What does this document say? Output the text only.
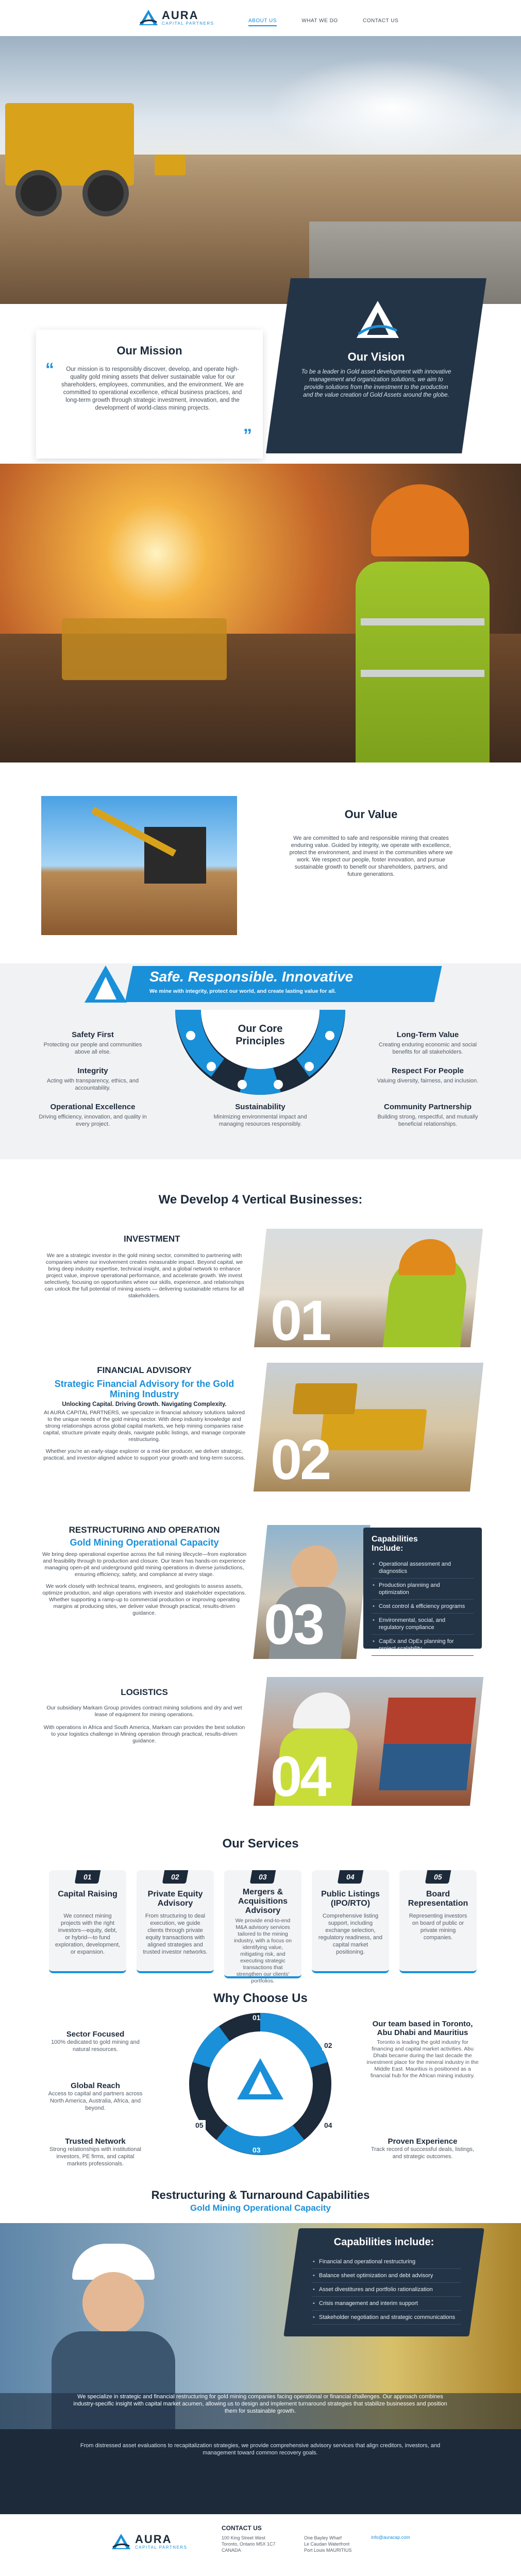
AURA
CAPITAL PARTNERS	ABOUT US	WHAT WE DO	CONTACT US
Our Mission
“	Our mission is to responsibly discover, develop, and operate high-quality gold mining assets that deliver sustainable value for our shareholders, employees, communities, and the environment. We are committed to operational excellence, ethical business practices, and long-term growth through strategic investment, innovation, and the development of world-class mining projects.
”
Our Vision
To be a leader in Gold asset development with innovative management and organization solutions, we aim to provide solutions from the investment to the production and the value creation of Gold Assets around the globe.
Our Value
We are committed to safe and responsible mining that creates enduring value. Guided by integrity, we operate with excellence, protect the environment, and invest in the communities where we work. We respect our people, foster innovation, and pursue sustainable growth to benefit our shareholders, partners, and future generations.
Safe. Responsible. Innovative
We mine with integrity, protect our world, and create lasting value for all.
Our Core Principles
Safety First
Protecting our people and communities above all else.
Integrity
Acting with transparency, ethics, and accountability.
Operational Excellence
Driving efficiency, innovation, and quality in every project.
Long-Term Value
Creating enduring economic and social benefits for all stakeholders.
Respect For People
Valuing diversity, fairness, and inclusion.
Community Partnership
Building strong, respectful, and mutually beneficial relationships.
Sustainability
Minimizing environmental impact and managing resources responsibly.
We Develop 4 Vertical Businesses:
INVESTMENT
We are a strategic investor in the gold mining sector, committed to partnering with companies where our involvement creates measurable impact. Beyond capital, we bring deep industry expertise, technical insight, and a global network to enhance project value, improve operational performance, and accelerate growth. We invest selectively, focusing on opportunities where our skills, experience, and relationships can unlock the full potential of mining assets — delivering sustainable returns for all stakeholders.	01
FINANCIAL ADVISORY
Strategic Financial Advisory for the Gold Mining Industry
Unlocking Capital. Driving Growth. Navigating Complexity.
At AURA CAPITAL PARTNERS, we specialize in financial advisory solutions tailored to the unique needs of the gold mining sector. With deep industry knowledge and strong relationships across global capital markets, we help mining companies raise capital, structure private equity deals, navigate public listings, and manage corporate restructuring.
Whether you're an early-stage explorer or a mid-tier producer, we deliver strategic, practical, and investor-aligned advice to support your growth and long-term success. 02
RESTRUCTURING AND OPERATION
Gold Mining Operational Capacity
We bring deep operational expertise across the full mining lifecycle—from exploration and feasibility through to production and closure. Our team has hands-on experience managing open-pit and underground gold mining operations in diverse jurisdictions, ensuring efficiency, safety, and compliance at every stage.
We work closely with technical teams, engineers, and geologists to assess assets, optimize production, and align operations with investor and stakeholder expectations. Whether supporting a ramp-up to commercial production or improving operating margins at producing sites, we deliver value through practical, results-driven guidance.	03
Capabilities Include:
• Operational assessment and diagnostics
• Production planning and optimization
• Cost control & efficiency programs
• Environmental, social, and regulatory compliance
• CapEx and OpEx planning for project scalability
LOGISTICS
Our subsidiary Markam Group provides contract mining solutions and dry and wet lease of equipment for mining operations.
With operations in Africa and South America, Markam can provides the best solution to your logistics challenge in Mining operation through practical, results-driven guidance.
04
Our Services
01
Capital Raising
We connect mining projects with the right investors—equity, debt, or hybrid—to fund exploration, development, or expansion.
02
Private Equity Advisory
From structuring to deal execution, we guide clients through private equity transactions with aligned strategies and trusted investor networks.
03
Mergers & Acquisitions Advisory
We provide end-to-end M&A advisory services tailored to the mining industry, with a focus on identifying value, mitigating risk, and executing strategic transactions that strengthen our clients' portfolios.
04
Public Listings (IPO/RTO)
Comprehensive listing support, including exchange selection, regulatory readiness, and capital market positioning.
05
Board Representation
Representing investors on board of public or private mining companies.
Why Choose Us
01
05	04
03
02
Sector Focused
100% dedicated to gold mining and natural resources.
Global Reach
Access to capital and partners across North America, Australia, Africa, and beyond.
Trusted Network
Strong relationships with institutional investors, PE firms, and capital markets professionals.
Our team based in Toronto, Abu Dhabi and Mauritius
Toronto is leading the gold industry for financing and capital market activities. Abu Dhabi became during the last decade the investment place for the mineral industry in the Middle East. Mauritius is positioned as a financial hub for the African mining industry.
Proven Experience
Track record of successful deals, listings, and strategic outcomes.
Restructuring & Turnaround Capabilities
Gold Mining Operational Capacity
Capabilities include:
• Financial and operational restructuring
• Balance sheet optimization and debt advisory
• Asset divestitures and portfolio rationalization
• Crisis management and interim support
• Stakeholder negotiation and strategic communications
We specialize in strategic and financial restructuring for gold mining companies facing operational or financial challenges. Our approach combines industry-specific insight with capital market acumen, allowing us to design and implement turnaround strategies that stabilize businesses and position them for sustainable growth.
From distressed asset evaluations to recapitalization strategies, we provide comprehensive advisory services that align creditors, investors, and management toward common recovery goals.
AURA
CAPITAL PARTNERS
CONTACT US
100 King Street West
Toronto, Ontario M5X 1C7
CANADA
One Bayley Wharf
Le Caudan Waterfront
Port Louis MAURITIUS
info@auracap.com
